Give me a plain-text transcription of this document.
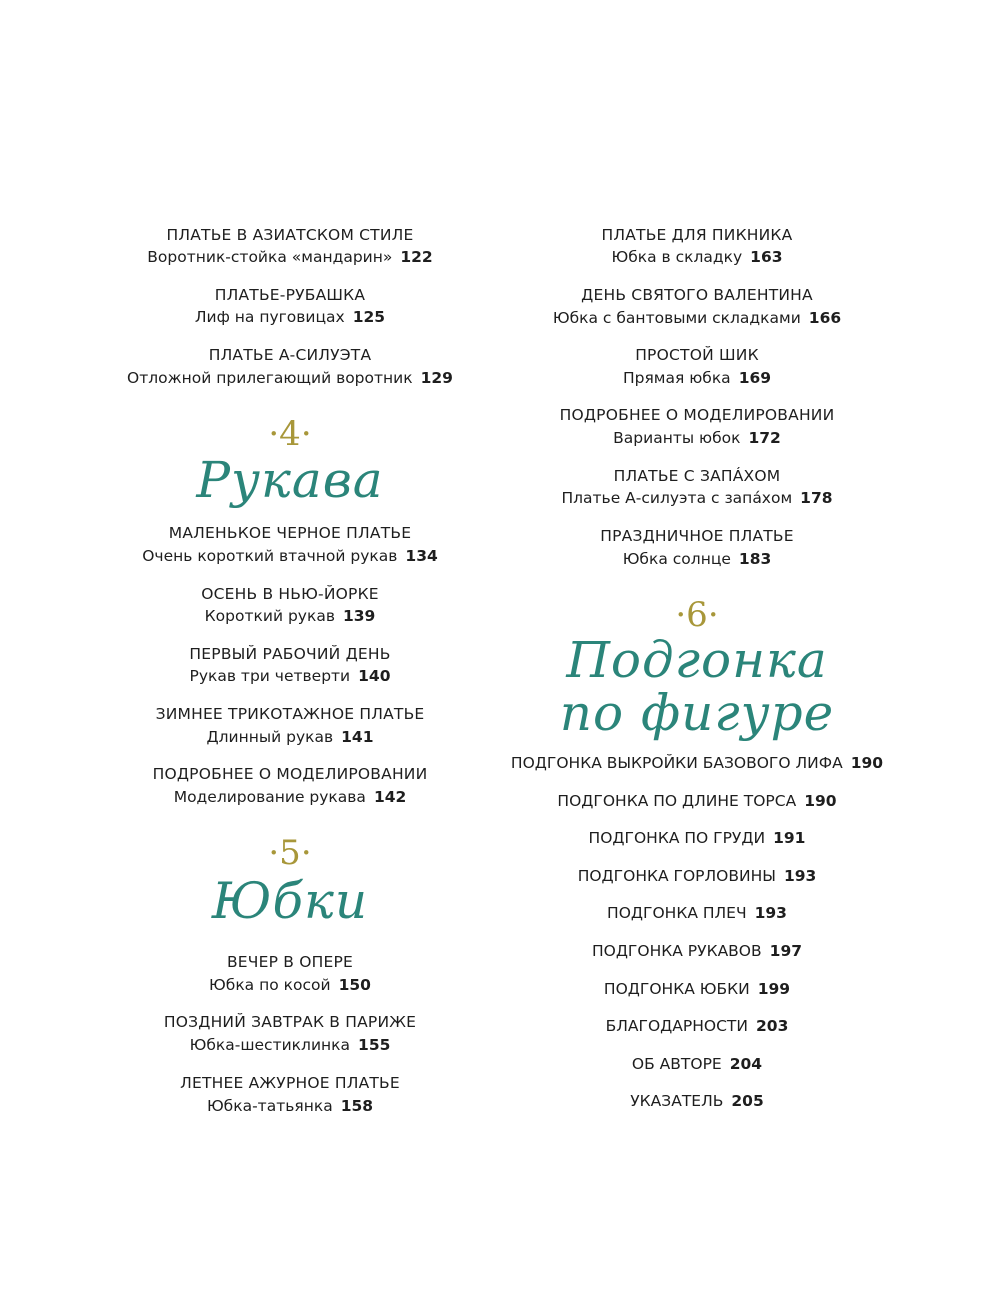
ПЛАТЬЕ В АЗИАТСКОМ СТИЛЕ
Воротник-стойка «мандарин» 122
ПЛАТЬЕ-РУБАШКА
Лиф на пуговицах 125
ПЛАТЬЕ А-СИЛУЭТА
Отложной прилегающий воротник 129
·4·
Рукава
МАЛЕНЬКОЕ ЧЕРНОЕ ПЛАТЬЕ
Очень короткий втачной рукав 134
ОСЕНЬ В НЬЮ-ЙОРКЕ
Короткий рукав 139
ПЕРВЫЙ РАБОЧИЙ ДЕНЬ
Рукав три четверти 140
ЗИМНЕЕ ТРИКОТАЖНОЕ ПЛАТЬЕ
Длинный рукав 141
ПОДРОБНЕЕ О МОДЕЛИРОВАНИИ
Моделирование рукава 142
·5·
Юбки
ВЕЧЕР В ОПЕРЕ
Юбка по косой 150
ПОЗДНИЙ ЗАВТРАК В ПАРИЖЕ
Юбка-шестиклинка 155
ЛЕТНЕЕ АЖУРНОЕ ПЛАТЬЕ
Юбка-татьянка 158
ПЛАТЬЕ ДЛЯ ПИКНИКА
Юбка в складку 163
ДЕНЬ СВЯТОГО ВАЛЕНТИНА
Юбка с бантовыми складками 166
ПРОСТОЙ ШИК
Прямая юбка 169
ПОДРОБНЕЕ О МОДЕЛИРОВАНИИ
Варианты юбок 172
ПЛАТЬЕ С ЗАПÁХОМ
Платье А-силуэта с запáхом 178
ПРАЗДНИЧНОЕ ПЛАТЬЕ
Юбка солнце 183
·6·
Подгонка
по фигуре
ПОДГОНКА ВЫКРОЙКИ БАЗОВОГО ЛИФА 190
ПОДГОНКА ПО ДЛИНЕ ТОРСА 190
ПОДГОНКА ПО ГРУДИ 191
ПОДГОНКА ГОРЛОВИНЫ 193
ПОДГОНКА ПЛЕЧ 193
ПОДГОНКА РУКАВОВ 197
ПОДГОНКА ЮБКИ 199
БЛАГОДАРНОСТИ 203
ОБ АВТОРЕ 204
УКАЗАТЕЛЬ 205
